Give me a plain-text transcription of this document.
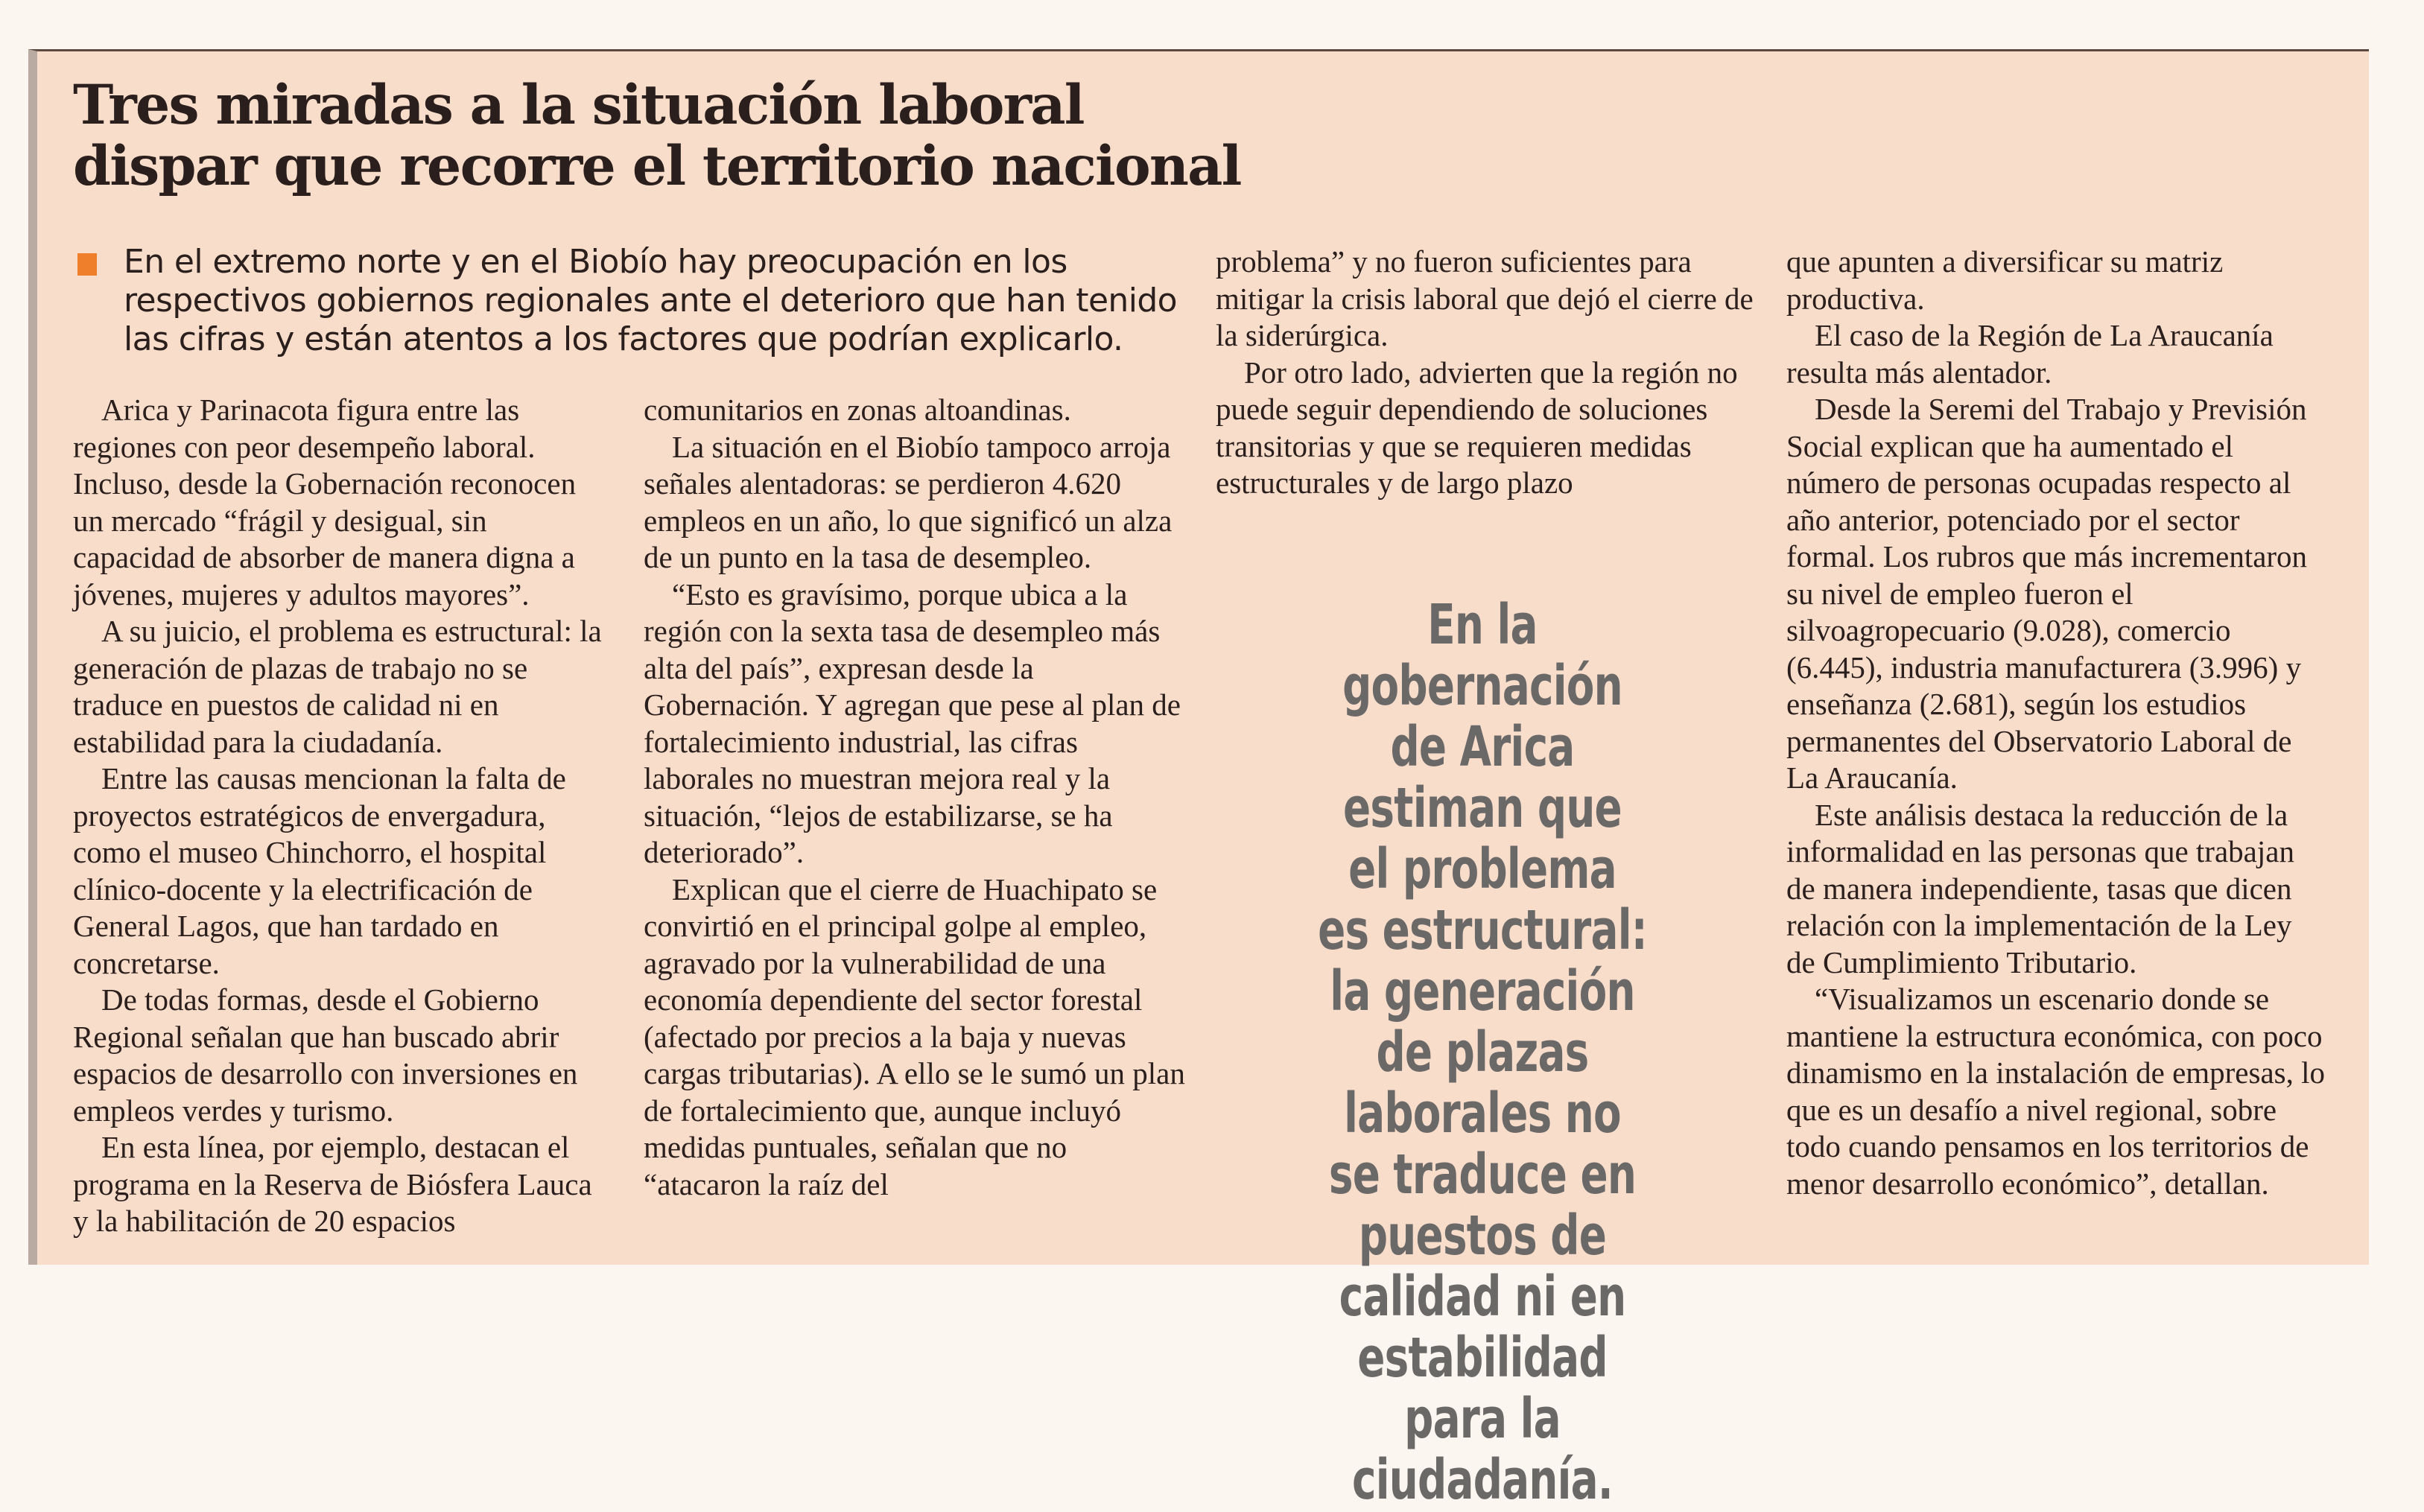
Tres miradas a la situación laboral dispar que recorre el territorio nacional

En el extremo norte y en el Biobío hay preocupación en los respectivos gobiernos regionales ante el deterioro que han tenido las cifras y están atentos a los factores que podrían explicarlo.

Arica y Parinacota figura entre las regiones con peor desempeño laboral. Incluso, desde la Gobernación reconocen un mercado “frágil y desigual, sin capacidad de absorber de manera digna a jóvenes, mujeres y adultos mayores”.

A su juicio, el problema es estructural: la generación de plazas de trabajo no se traduce en puestos de calidad ni en estabilidad para la ciudadanía.

Entre las causas mencionan la falta de proyectos estratégicos de envergadura, como el museo Chinchorro, el hospital clínico-docente y la electrificación de General Lagos, que han tardado en concretarse.

De todas formas, desde el Gobierno Regional señalan que han buscado abrir espacios de desarrollo con inversiones en empleos verdes y turismo.

En esta línea, por ejemplo, destacan el programa en la Reserva de Biósfera Lauca y la habilitación de 20 espacios

comunitarios en zonas altoandinas.

La situación en el Biobío tampoco arroja señales alentadoras: se perdieron 4.620 empleos en un año, lo que significó un alza de un punto en la tasa de desempleo.

“Esto es gravísimo, porque ubica a la región con la sexta tasa de desempleo más alta del país”, expresan desde la Gobernación. Y agregan que pese al plan de fortalecimiento industrial, las cifras laborales no muestran mejora real y la situación, “lejos de estabilizarse, se ha deteriorado”.

Explican que el cierre de Huachipato se convirtió en el principal golpe al empleo, agravado por la vulnerabilidad de una economía dependiente del sector forestal (afectado por precios a la baja y nuevas cargas tributarias). A ello se le sumó un plan de fortalecimiento que, aunque incluyó medidas puntuales, señalan que no “atacaron la raíz del

problema” y no fueron suficientes para mitigar la crisis laboral que dejó el cierre de la siderúrgica.

Por otro lado, advierten que la región no puede seguir dependiendo de soluciones transitorias y que se requieren medidas estructurales y de largo plazo

En la gobernación de Arica estiman que el problema es estructural: la generación de plazas laborales no se traduce en puestos de calidad ni en estabilidad para la ciudadanía.

que apunten a diversificar su matriz productiva.

El caso de la Región de La Araucanía resulta más alentador.

Desde la Seremi del Trabajo y Previsión Social explican que ha aumentado el número de personas ocupadas respecto al año anterior, potenciado por el sector formal. Los rubros que más incrementaron su nivel de empleo fueron el silvoagropecuario (9.028), comercio (6.445), industria manufacturera (3.996) y enseñanza (2.681), según los estudios permanentes del Observatorio Laboral de La Araucanía.

Este análisis destaca la reducción de la informalidad en las personas que trabajan de manera independiente, tasas que dicen relación con la implementación de la Ley de Cumplimiento Tributario.

“Visualizamos un escenario donde se mantiene la estructura económica, con poco dinamismo en la instalación de empresas, lo que es un desafío a nivel regional, sobre todo cuando pensamos en los territorios de menor desarrollo económico”, detallan.
